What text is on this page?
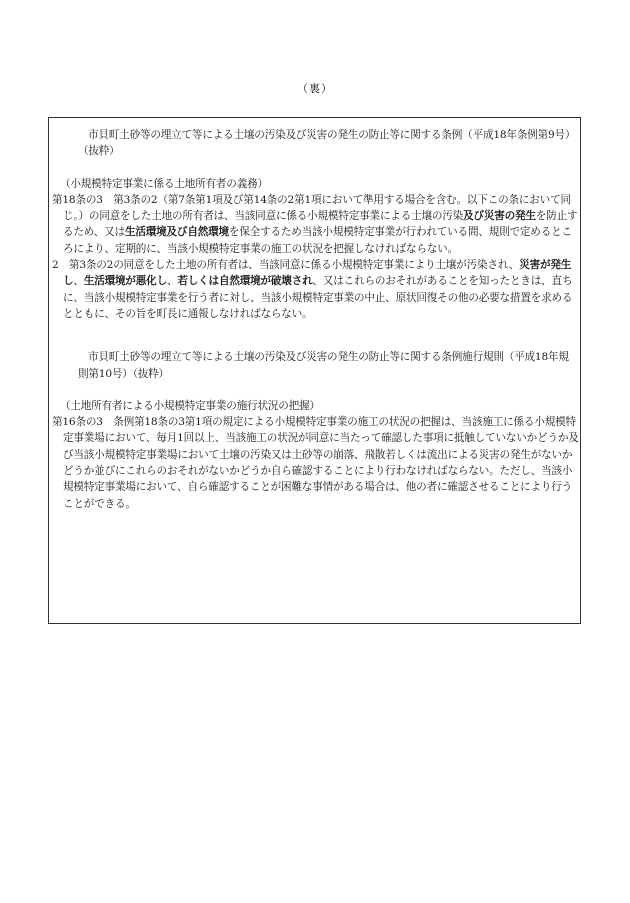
（裏）

市貝町土砂等の埋立て等による土壌の汚染及び災害の発生の防止等に関する条例（平成18年条例第9号）（抜粋）

（小規模特定事業に係る土地所有者の義務）

第18条の3　第3条の2（第7条第1項及び第14条の2第1項において準用する場合を含む。以下この条において同じ。）の同意をした土地の所有者は、当該同意に係る小規模特定事業による土壌の汚染及び災害の発生を防止するため、又は生活環境及び自然環境を保全するため当該小規模特定事業が行われている間、規則で定めるところにより、定期的に、当該小規模特定事業の施工の状況を把握しなければならない。

2　第3条の2の同意をした土地の所有者は、当該同意に係る小規模特定事業により土壌が汚染され、災害が発生し、生活環境が悪化し、若しくは自然環境が破壊され、又はこれらのおそれがあることを知ったときは、直ちに、当該小規模特定事業を行う者に対し、当該小規模特定事業の中止、原状回復その他の必要な措置を求めるとともに、その旨を町長に通報しなければならない。

市貝町土砂等の埋立て等による土壌の汚染及び災害の発生の防止等に関する条例施行規則（平成18年規則第10号）（抜粋）

（土地所有者による小規模特定事業の施行状況の把握）

第16条の3　条例第18条の3第1項の規定による小規模特定事業の施工の状況の把握は、当該施工に係る小規模特定事業場において、毎月1回以上、当該施工の状況が同意に当たって確認した事項に抵触していないかどうか及び当該小規模特定事業場において土壌の汚染又は土砂等の崩落、飛散若しくは流出による災害の発生がないかどうか並びにこれらのおそれがないかどうか自ら確認することにより行わなければならない。ただし、当該小規模特定事業場において、自ら確認することが困難な事情がある場合は、他の者に確認させることにより行うことができる。
